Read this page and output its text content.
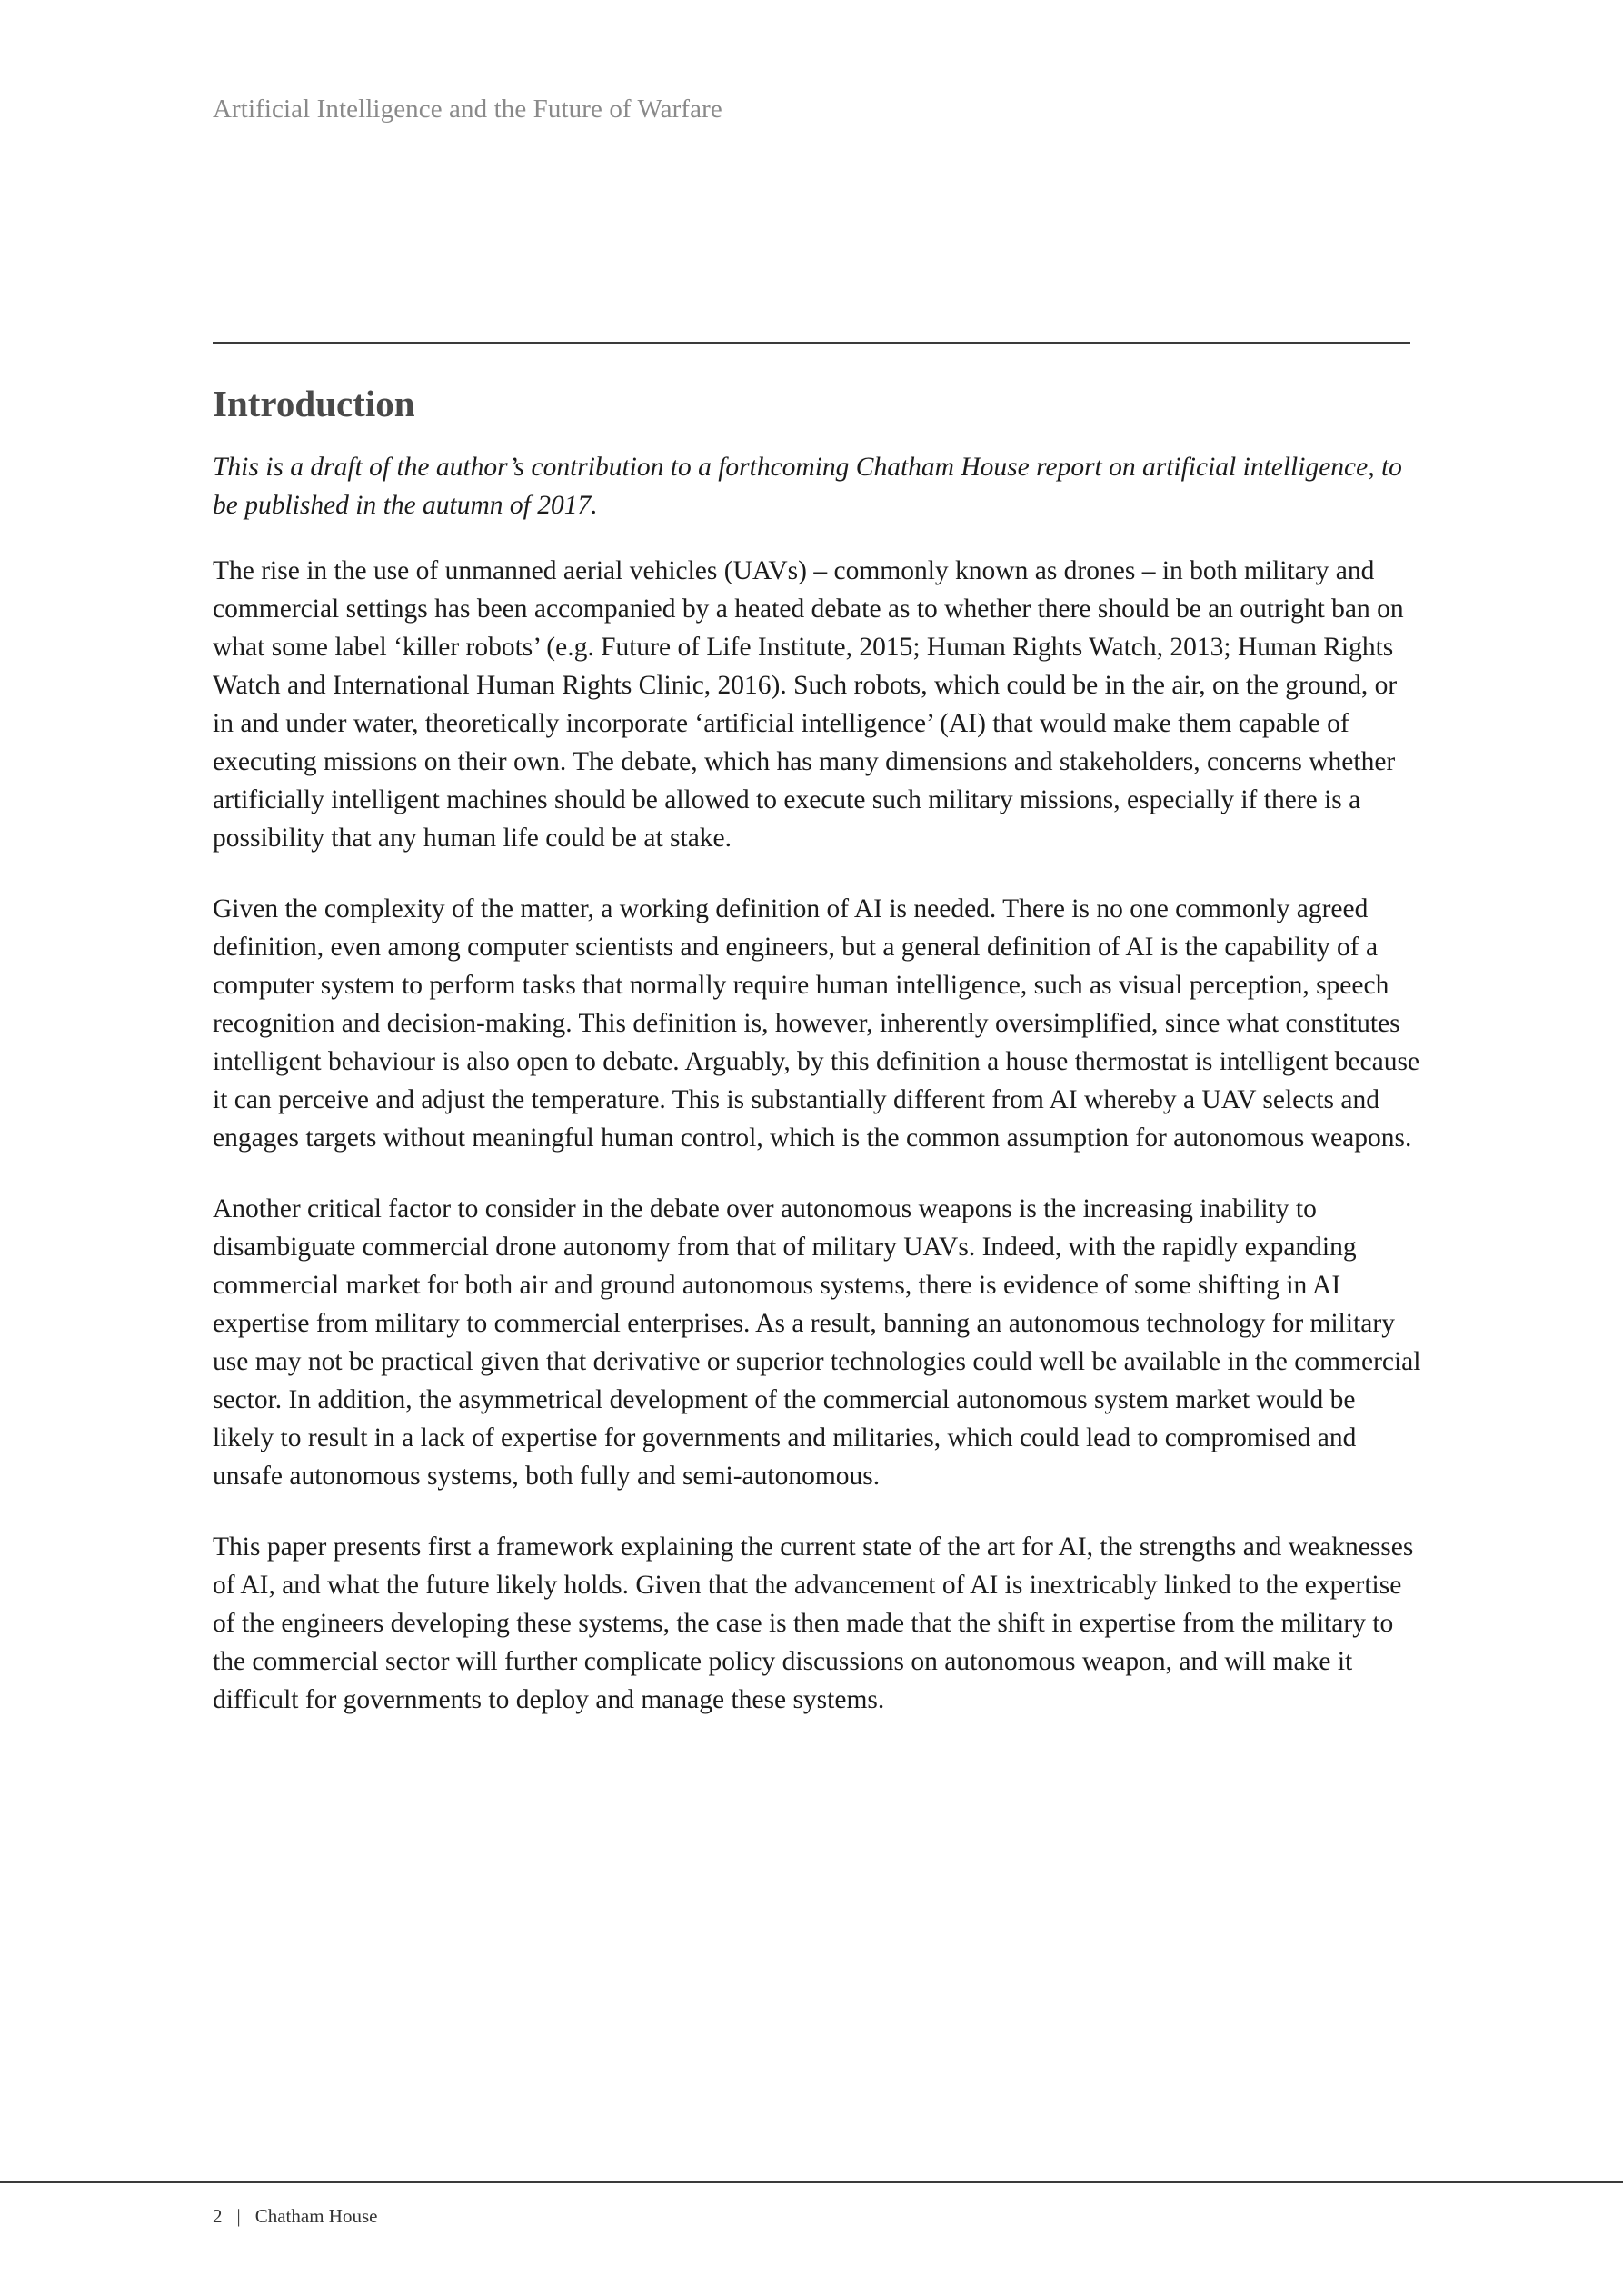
Artificial Intelligence and the Future of Warfare
Introduction

This is a draft of the author’s contribution to a forthcoming Chatham House report on artificial intelligence, to be published in the autumn of 2017.

The rise in the use of unmanned aerial vehicles (UAVs) – commonly known as drones – in both military and commercial settings has been accompanied by a heated debate as to whether there should be an outright ban on what some label ‘killer robots’ (e.g. Future of Life Institute, 2015; Human Rights Watch, 2013; Human Rights Watch and International Human Rights Clinic, 2016). Such robots, which could be in the air, on the ground, or in and under water, theoretically incorporate ‘artificial intelligence’ (AI) that would make them capable of executing missions on their own. The debate, which has many dimensions and stakeholders, concerns whether artificially intelligent machines should be allowed to execute such military missions, especially if there is a possibility that any human life could be at stake.

Given the complexity of the matter, a working definition of AI is needed. There is no one commonly agreed definition, even among computer scientists and engineers, but a general definition of AI is the capability of a computer system to perform tasks that normally require human intelligence, such as visual perception, speech recognition and decision-making. This definition is, however, inherently oversimplified, since what constitutes intelligent behaviour is also open to debate. Arguably, by this definition a house thermostat is intelligent because it can perceive and adjust the temperature. This is substantially different from AI whereby a UAV selects and engages targets without meaningful human control, which is the common assumption for autonomous weapons.

Another critical factor to consider in the debate over autonomous weapons is the increasing inability to disambiguate commercial drone autonomy from that of military UAVs. Indeed, with the rapidly expanding commercial market for both air and ground autonomous systems, there is evidence of some shifting in AI expertise from military to commercial enterprises. As a result, banning an autonomous technology for military use may not be practical given that derivative or superior technologies could well be available in the commercial sector. In addition, the asymmetrical development of the commercial autonomous system market would be likely to result in a lack of expertise for governments and militaries, which could lead to compromised and unsafe autonomous systems, both fully and semi-autonomous.

This paper presents first a framework explaining the current state of the art for AI, the strengths and weaknesses of AI, and what the future likely holds. Given that the advancement of AI is inextricably linked to the expertise of the engineers developing these systems, the case is then made that the shift in expertise from the military to the commercial sector will further complicate policy discussions on autonomous weapon, and will make it difficult for governments to deploy and manage these systems.

2 | Chatham House
